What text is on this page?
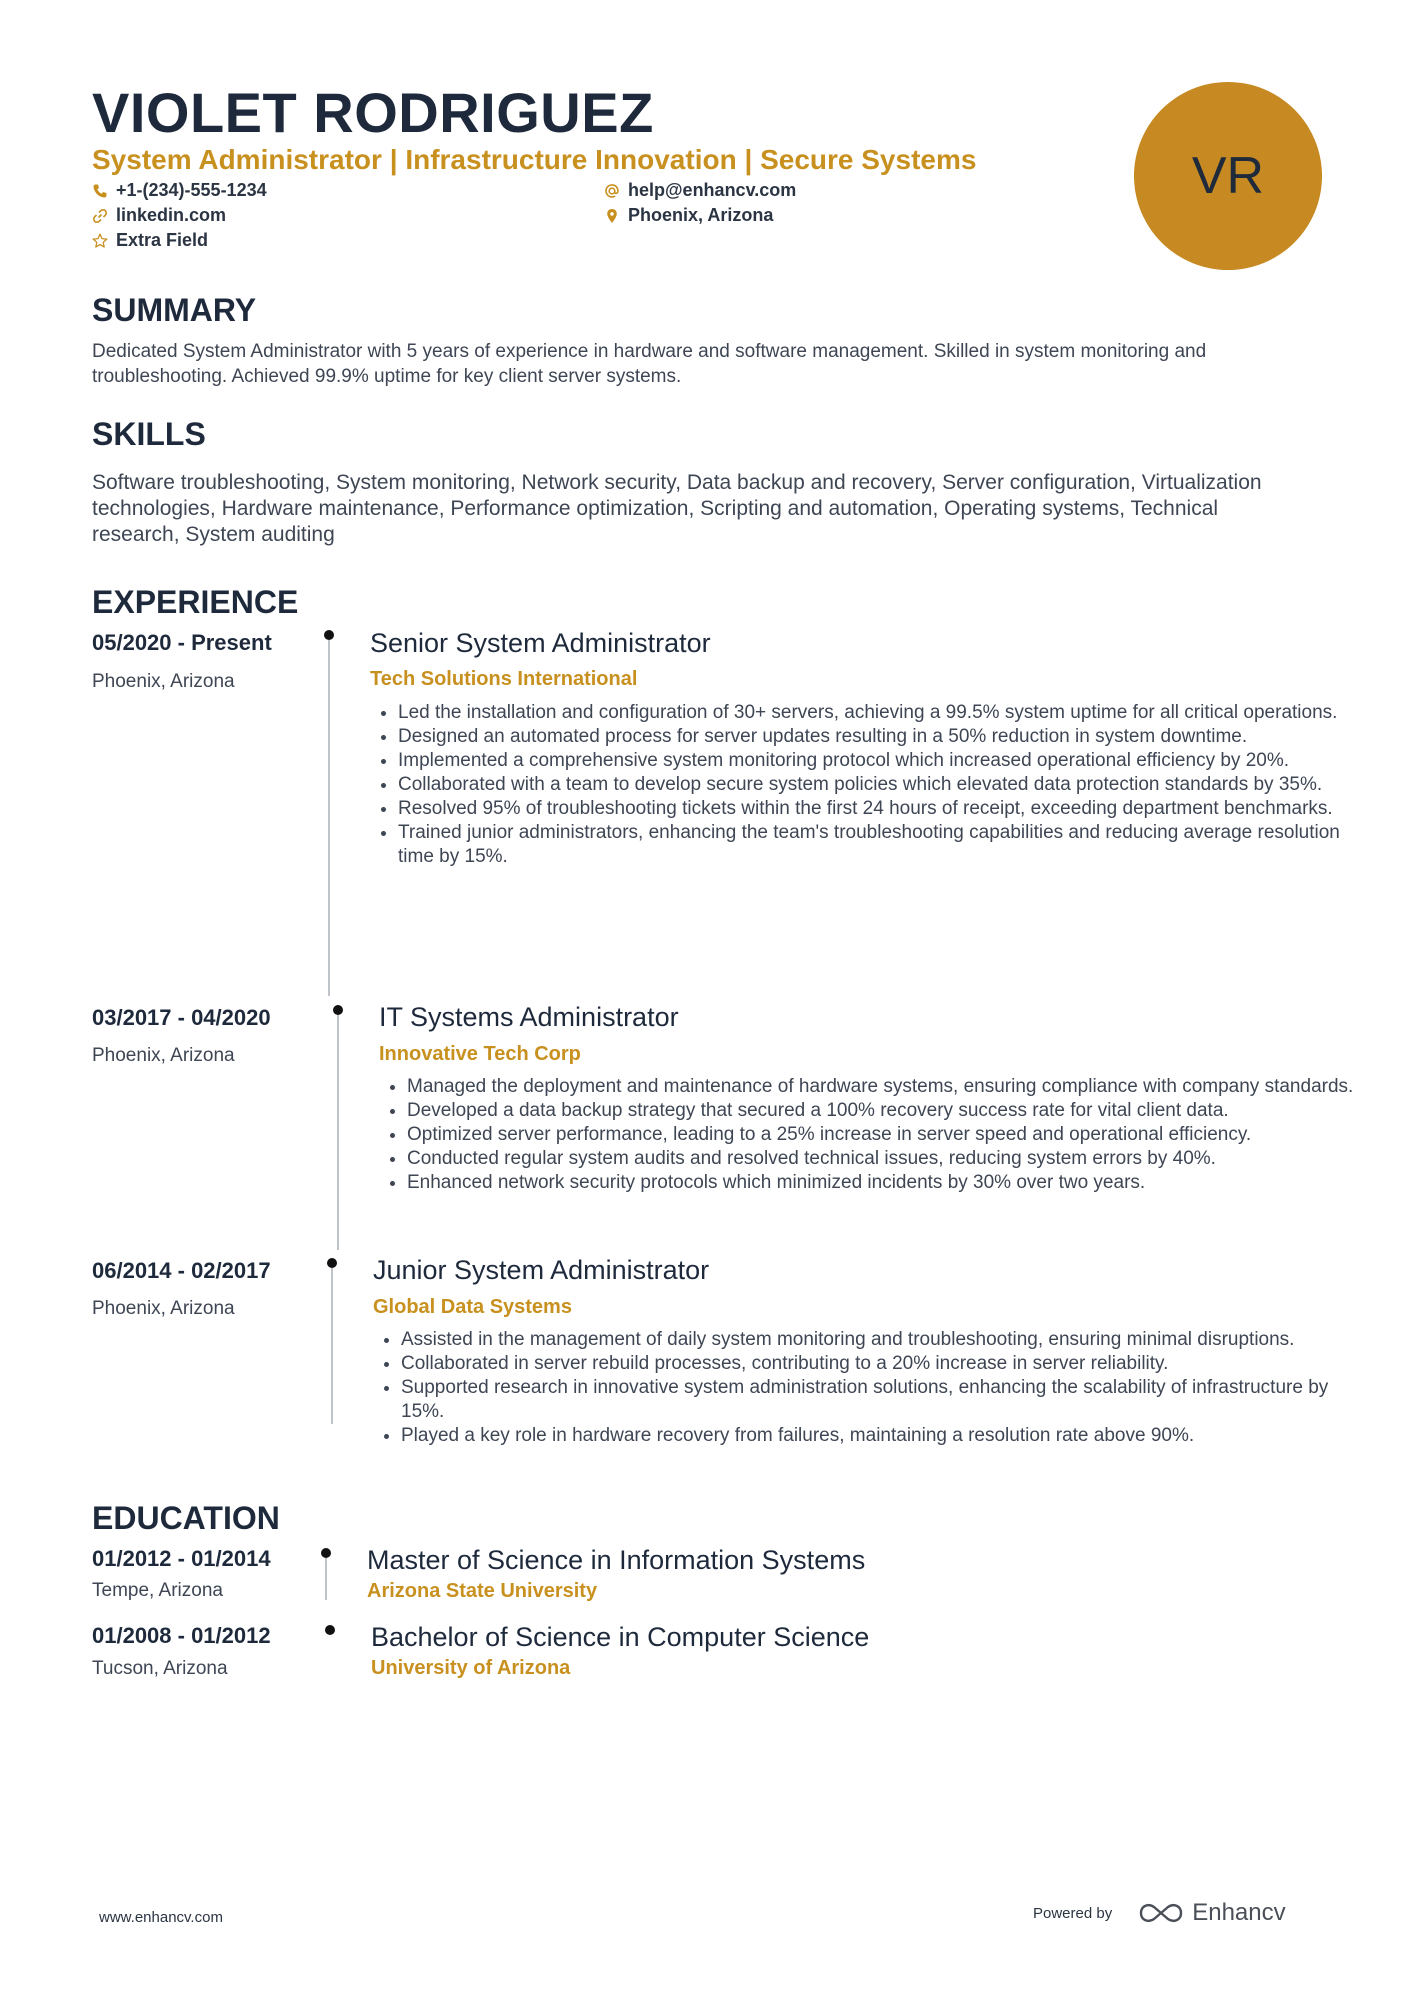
VIOLET RODRIGUEZ

System Administrator | Infrastructure Innovation | Secure Systems

+1-(234)-555-1234	help@enhancv.com
linkedin.com	Phoenix, Arizona
Extra Field
VR
SUMMARY

Dedicated System Administrator with 5 years of experience in hardware and software management. Skilled in system monitoring and troubleshooting. Achieved 99.9% uptime for key client server systems.

SKILLS

Software troubleshooting, System monitoring, Network security, Data backup and recovery, Server configuration, Virtualization technologies, Hardware maintenance, Performance optimization, Scripting and automation, Operating systems, Technical research, System auditing

EXPERIENCE
05/2020 - Present
Phoenix, Arizona
Senior System Administrator
Tech Solutions International
• Led the installation and configuration of 30+ servers, achieving a 99.5% system uptime for all critical operations.
• Designed an automated process for server updates resulting in a 50% reduction in system downtime.
• Implemented a comprehensive system monitoring protocol which increased operational efficiency by 20%.
• Collaborated with a team to develop secure system policies which elevated data protection standards by 35%.
• Resolved 95% of troubleshooting tickets within the first 24 hours of receipt, exceeding department benchmarks.
• Trained junior administrators, enhancing the team's troubleshooting capabilities and reducing average resolution time by 15%.
03/2017 - 04/2020
Phoenix, Arizona
IT Systems Administrator
Innovative Tech Corp
• Managed the deployment and maintenance of hardware systems, ensuring compliance with company standards.
• Developed a data backup strategy that secured a 100% recovery success rate for vital client data.
• Optimized server performance, leading to a 25% increase in server speed and operational efficiency.
• Conducted regular system audits and resolved technical issues, reducing system errors by 40%.
• Enhanced network security protocols which minimized incidents by 30% over two years.
06/2014 - 02/2017
Phoenix, Arizona
Junior System Administrator
Global Data Systems
• Assisted in the management of daily system monitoring and troubleshooting, ensuring minimal disruptions.
• Collaborated in server rebuild processes, contributing to a 20% increase in server reliability.
• Supported research in innovative system administration solutions, enhancing the scalability of infrastructure by 15%.
• Played a key role in hardware recovery from failures, maintaining a resolution rate above 90%.
EDUCATION
01/2012 - 01/2014
Tempe, Arizona
Master of Science in Information Systems
Arizona State University
01/2008 - 01/2012
Tucson, Arizona
Bachelor of Science in Computer Science
University of Arizona
www.enhancv.com	Powered by	Enhancv
